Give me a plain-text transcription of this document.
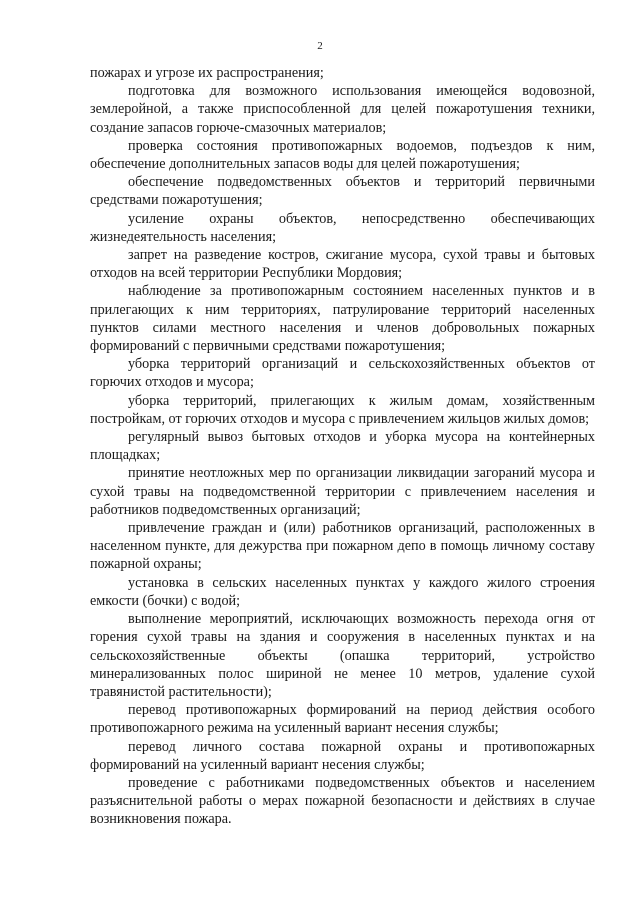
2

пожарах и угрозе их распространения;

подготовка для возможного использования имеющейся водовозной, землеройной, а также приспособленной для целей пожаротушения техники, создание запасов горюче-смазочных материалов;

проверка состояния противопожарных водоемов, подъездов к ним, обеспечение дополнительных запасов воды для целей пожаротушения;

обеспечение подведомственных объектов и территорий первичными средствами пожаротушения;

усиление охраны объектов, непосредственно обеспечивающих жизнедеятельность населения;

запрет на разведение костров, сжигание мусора, сухой травы и бытовых отходов на всей территории Республики Мордовия;

наблюдение за противопожарным состоянием населенных пунктов и в прилегающих к ним территориях, патрулирование территорий населенных пунктов силами местного населения и членов добровольных пожарных формирований с первичными средствами пожаротушения;

уборка территорий организаций и сельскохозяйственных объектов от горючих отходов и мусора;

уборка территорий, прилегающих к жилым домам, хозяйственным постройкам, от горючих отходов и мусора с привлечением жильцов жилых домов;

регулярный вывоз бытовых отходов и уборка мусора на контейнерных площадках;

принятие неотложных мер по организации ликвидации загораний мусора и сухой травы на подведомственной территории с привлечением населения и работников подведомственных организаций;

привлечение граждан и (или) работников организаций, расположенных в населенном пункте, для дежурства при пожарном депо в помощь личному составу пожарной охраны;

установка в сельских населенных пунктах у каждого жилого строения емкости (бочки) с водой;

выполнение мероприятий, исключающих возможность перехода огня от горения сухой травы на здания и сооружения в населенных пунктах и на сельскохозяйственные объекты (опашка территорий, устройство минерализованных полос шириной не менее 10 метров, удаление сухой травянистой растительности);

перевод противопожарных формирований на период действия особого противопожарного режима на усиленный вариант несения службы;

перевод личного состава пожарной охраны и противопожарных формирований на усиленный вариант несения службы;

проведение с работниками подведомственных объектов и населением разъяснительной работы о мерах пожарной безопасности и действиях в случае возникновения пожара.
